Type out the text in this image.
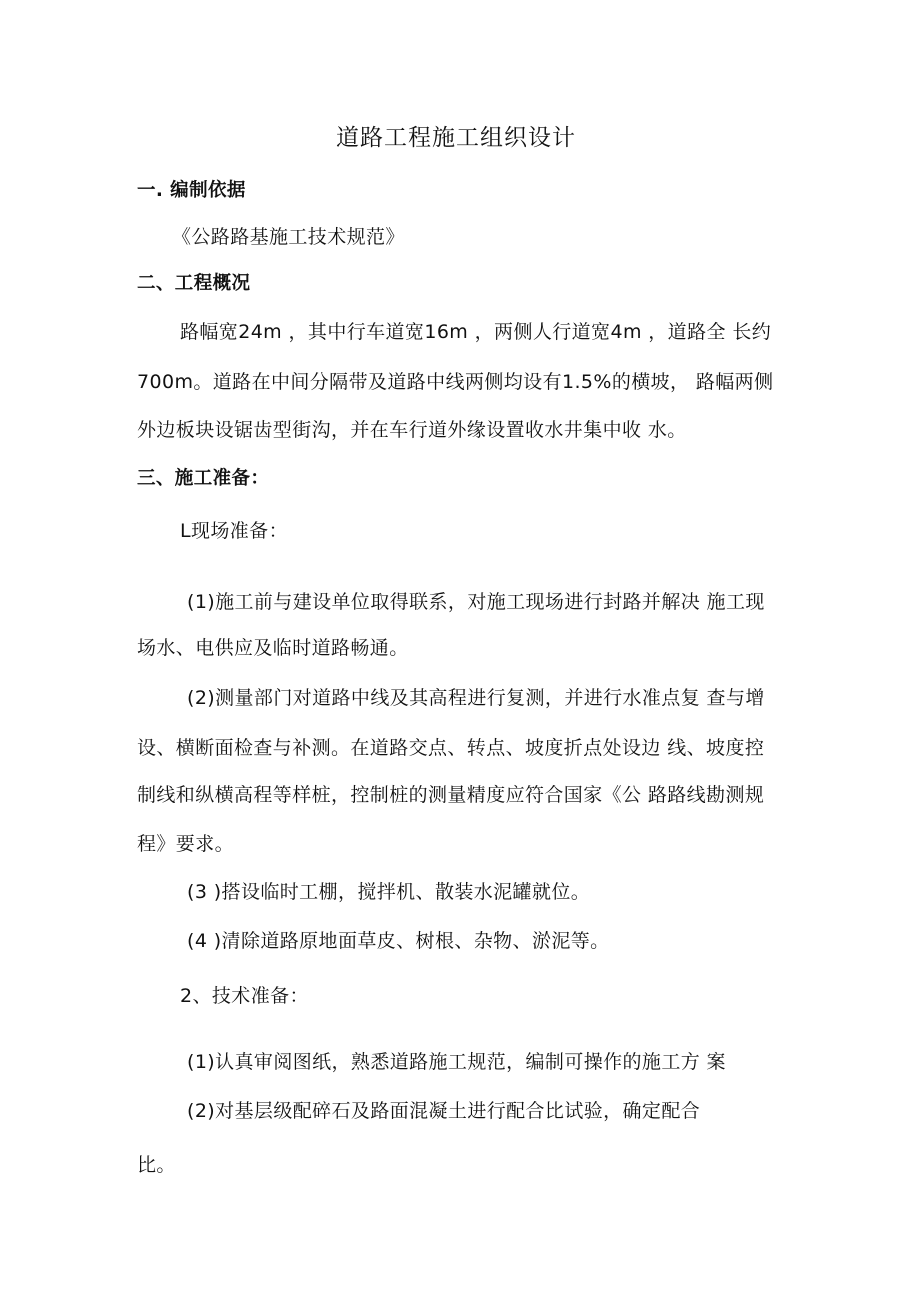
道路工程施工组织设计
一. 编制依据
《公路路基施工技术规范》
二、工程概况
路幅宽24m ，其中行车道宽16m ，两侧人行道宽4m ，道路全 长约
700m。道路在中间分隔带及道路中线两侧均设有1.5%的横坡， 路幅两侧
外边板块设锯齿型街沟，并在车行道外缘设置收水井集中收 水。
三、施工准备：
L现场准备：
(1)施工前与建设单位取得联系，对施工现场进行封路并解决 施工现
场水、电供应及临时道路畅通。
(2)测量部门对道路中线及其高程进行复测，并进行水准点复 查与增
设、横断面检查与补测。在道路交点、转点、坡度折点处设边 线、坡度控
制线和纵横高程等样桩，控制桩的测量精度应符合国家《公 路路线勘测规
程》要求。
(3 )搭设临时工棚，搅拌机、散装水泥罐就位。
(4 )清除道路原地面草皮、树根、杂物、淤泥等。
2、技术准备：
(1)认真审阅图纸，熟悉道路施工规范，编制可操作的施工方 案
(2)对基层级配碎石及路面混凝土进行配合比试验，确定配合
比。
